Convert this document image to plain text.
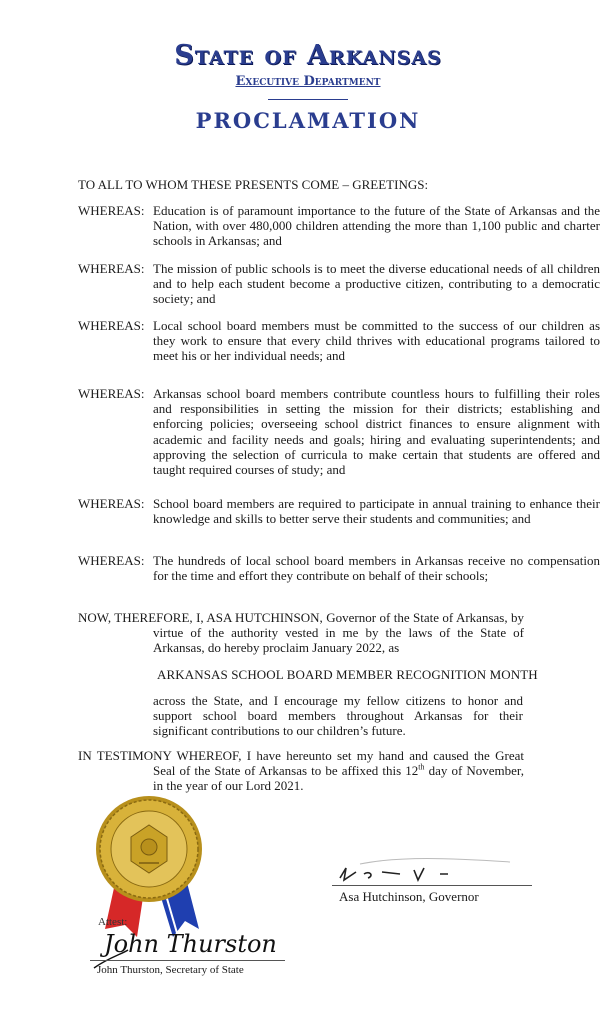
State of Arkansas
Executive Department
PROCLAMATION
TO ALL TO WHOM THESE PRESENTS COME – GREETINGS:
WHEREAS: Education is of paramount importance to the future of the State of Arkansas and the Nation, with over 480,000 children attending the more than 1,100 public and charter schools in Arkansas; and
WHEREAS: The mission of public schools is to meet the diverse educational needs of all children and to help each student become a productive citizen, contributing to a democratic society; and
WHEREAS: Local school board members must be committed to the success of our children as they work to ensure that every child thrives with educational programs tailored to meet his or her individual needs; and
WHEREAS: Arkansas school board members contribute countless hours to fulfilling their roles and responsibilities in setting the mission for their districts; establishing and enforcing policies; overseeing school district finances to ensure alignment with academic and facility needs and goals; hiring and evaluating superintendents; and approving the selection of curricula to make certain that students are offered and taught required courses of study; and
WHEREAS: School board members are required to participate in annual training to enhance their knowledge and skills to better serve their students and communities; and
WHEREAS: The hundreds of local school board members in Arkansas receive no compensation for the time and effort they contribute on behalf of their schools;
NOW, THEREFORE, I, ASA HUTCHINSON, Governor of the State of Arkansas, by virtue of the authority vested in me by the laws of the State of Arkansas, do hereby proclaim January 2022, as
ARKANSAS SCHOOL BOARD MEMBER RECOGNITION MONTH
across the State, and I encourage my fellow citizens to honor and support school board members throughout Arkansas for their significant contributions to our children’s future.
IN TESTIMONY WHEREOF, I have hereunto set my hand and caused the Great Seal of the State of Arkansas to be affixed this 12th day of November, in the year of our Lord 2021.
Asa Hutchinson, Governor
Attest:
John Thurston
John Thurston, Secretary of State
